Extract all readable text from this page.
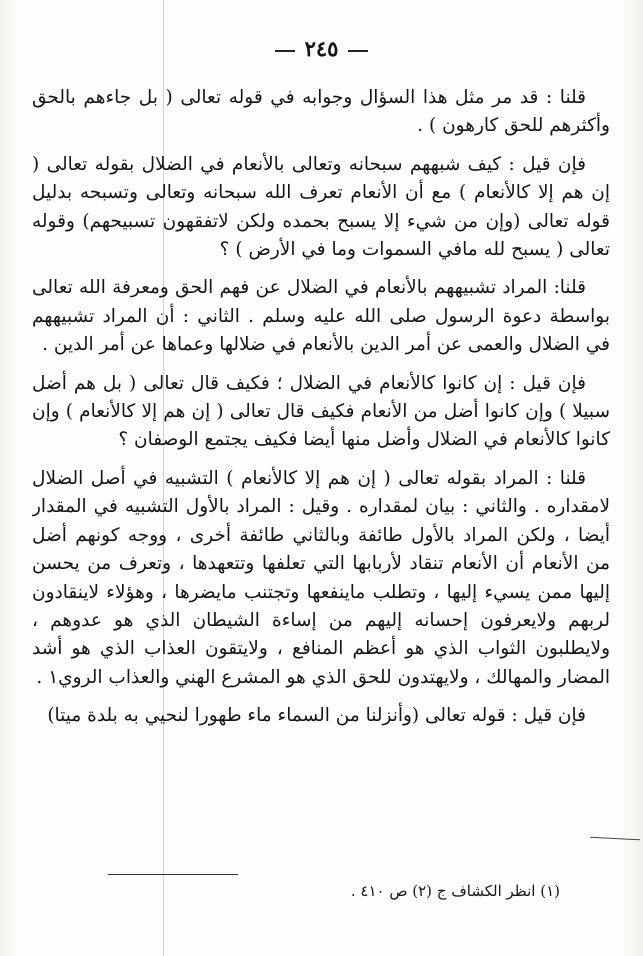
٢٤٥

قلنا : قد مر مثل هذا السؤال وجوابه في قوله تعالى ( بل جاءهم بالحق وأكثرهم للحق كارهون ) .

فإن قيل : كيف شبههم سبحانه وتعالى بالأنعام في الضلال بقوله تعالى ( إن هم إلا كالأنعام ) مع أن الأنعام تعرف الله سبحانه وتعالى وتسبحه بدليل قوله تعالى (وإن من شيء إلا يسبح بحمده ولكن لاتفقهون تسبيحهم) وقوله تعالى ( يسبح لله مافي السموات وما في الأرض ) ؟

قلنا: المراد تشبيههم بالأنعام في الضلال عن فهم الحق ومعرفة الله تعالى بواسطة دعوة الرسول صلى الله عليه وسلم . الثاني : أن المراد تشبيههم في الضلال والعمى عن أمر الدين بالأنعام في ضلالها وعماها عن أمر الدين .

فإن قيل : إن كانوا كالأنعام في الضلال ؛ فكيف قال تعالى ( بل هم أضل سبيلا ) وإن كانوا أضل من الأنعام فكيف قال تعالى ( إن هم إلا كالأنعام ) وإن كانوا كالأنعام في الضلال وأضل منها أيضا فكيف يجتمع الوصفان ؟

قلنا : المراد بقوله تعالى ( إن هم إلا كالأنعام ) التشبيه في أصل الضلال لامقداره . والثاني : بيان لمقداره . وقيل : المراد بالأول التشبيه في المقدار أيضا ، ولكن المراد بالأول طائفة وبالثاني طائفة أخرى ، ووجه كونهم أضل من الأنعام أن الأنعام تنقاد لأربابها التي تعلفها وتتعهدها ، وتعرف من يحسن إليها ممن يسيء إليها ، وتطلب ماينفعها وتجتنب مايضرها ، وهؤلاء لاينقادون لربهم ولايعرفون إحسانه إليهم من إساءة الشيطان الذي هو عدوهم ، ولايطلبون الثواب الذي هو أعظم المنافع ، ولايتقون العذاب الذي هو أشد المضار والمهالك ، ولايهتدون للحق الذي هو المشرع الهني والعذاب الروي١ .

فإن قيل : قوله تعالى (وأنزلنا من السماء ماء طهورا لنحيي به بلدة ميتا)

(١) انظر الكشاف ج (٢) ص ٤١٠ .
